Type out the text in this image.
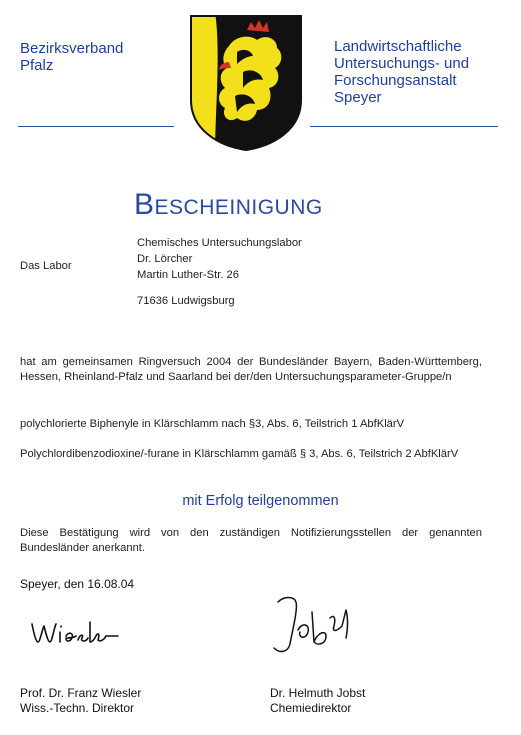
Bezirksverband
Pfalz
Landwirtschaftliche
Untersuchungs- und
Forschungsanstalt
Speyer
Bescheinigung
Das Labor
Chemisches Untersuchungslabor
Dr. Lörcher
Martin Luther-Str. 26
71636 Ludwigsburg
hat am gemeinsamen Ringversuch 2004 der Bundesländer Bayern, Baden-Württemberg, Hessen, Rheinland-Pfalz und Saarland bei der/den Untersuchungsparameter-Gruppe/n
polychlorierte Biphenyle in Klärschlamm nach §3, Abs. 6, Teilstrich 1 AbfKlärV
Polychlordibenzodioxine/-furane in Klärschlamm gamäß § 3, Abs. 6, Teilstrich 2 AbfKlärV
mit Erfolg teilgenommen
Diese Bestätigung wird von den zuständigen Notifizierungsstellen der genannten Bundesländer anerkannt.
Speyer, den 16.08.04
Prof. Dr. Franz Wiesler
Wiss.-Techn. Direktor
Dr. Helmuth Jobst
Chemiedirektor
